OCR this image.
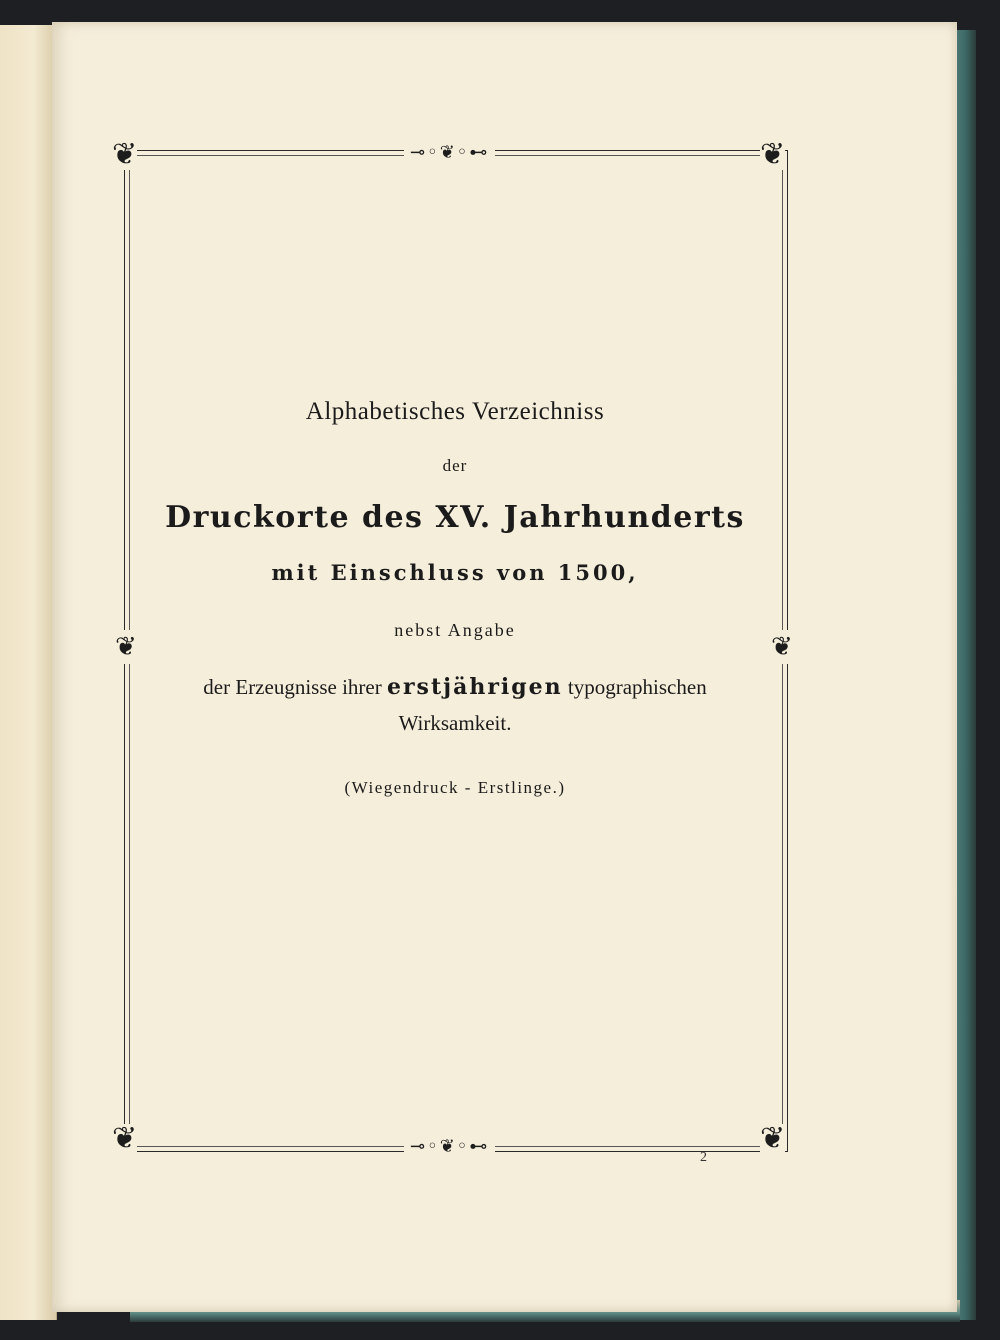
❦	❦
❦	❦
⊸◦❦◦⊷
⊸◦❦◦⊷
❦	❦
Alphabetisches Verzeichniss
der
Druckorte des XV. Jahrhunderts
mit Einschluss von 1500,
nebst Angabe
der Erzeugnisse ihrer erstjährigen typographischen
Wirksamkeit.
(Wiegendruck - Erstlinge.)
2
